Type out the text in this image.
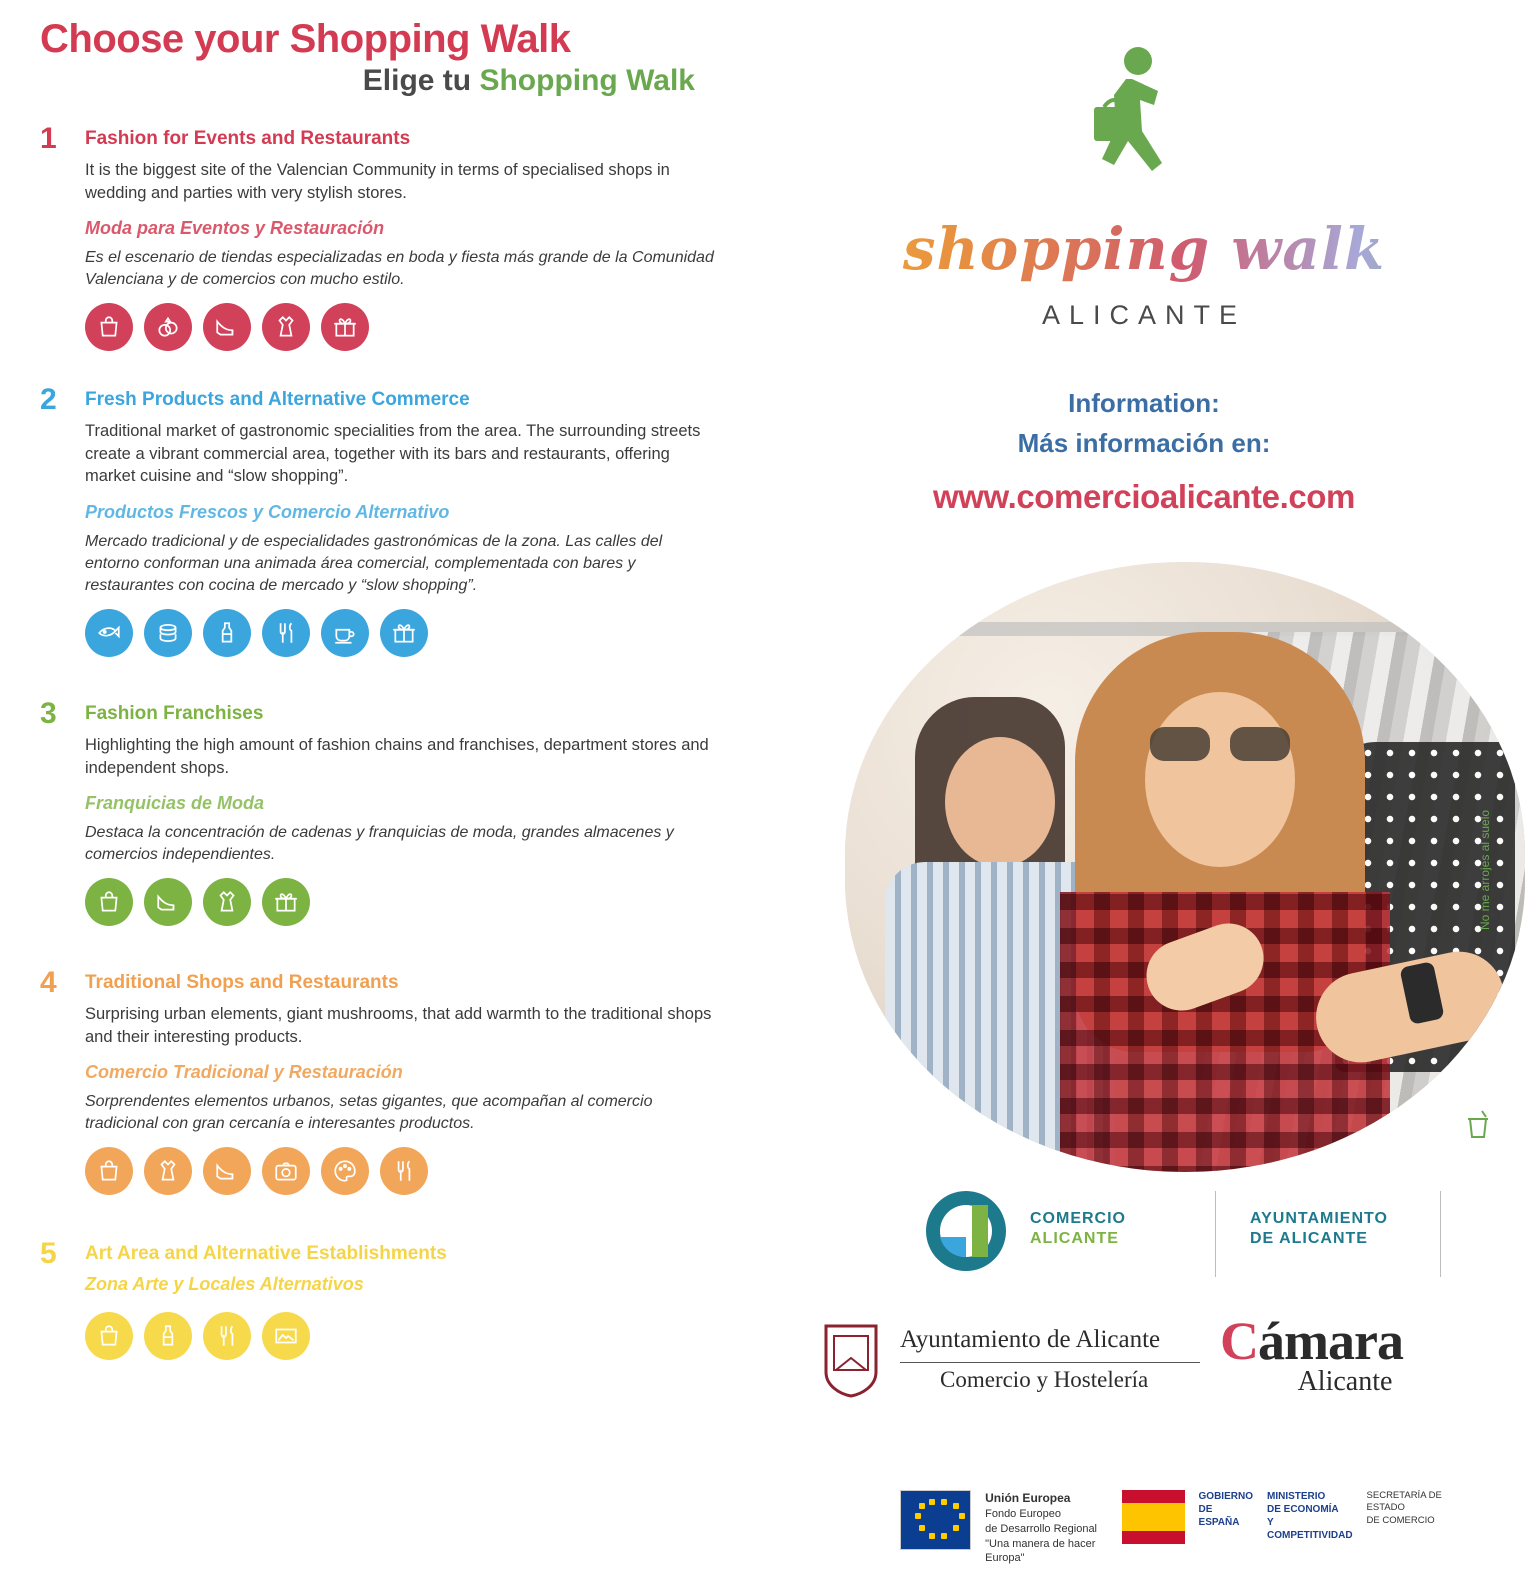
Choose your Shopping Walk
Elige tu Shopping Walk
1 Fashion for Events and Restaurants

It is the biggest site of the Valencian Community in terms of specialised shops in wedding and parties with very stylish stores.

Moda para Eventos y Restauración

Es el escenario de tiendas especializadas en boda y fiesta más grande de la Comunidad Valenciana y de comercios con mucho estilo.

2 Fresh Products and Alternative Commerce

Traditional market of gastronomic specialities from the area. The surrounding streets create a vibrant commercial area, together with its bars and restaurants, offering market cuisine and “slow shopping”.

Productos Frescos y Comercio Alternativo

Mercado tradicional y de especialidades gastronómicas de la zona. Las calles del entorno conforman una animada área comercial, complementada con bares y restaurantes con cocina de mercado y “slow shopping”.

3 Fashion Franchises

Highlighting the high amount of fashion chains and franchises, department stores and independent shops.

Franquicias de Moda

Destaca la concentración de cadenas y franquicias de moda, grandes almacenes y comercios independientes.

4 Traditional Shops and Restaurants

Surprising urban elements, giant mushrooms, that add warmth to the traditional shops and their interesting products.

Comercio Tradicional y Restauración

Sorprendentes elementos urbanos, setas gigantes, que acompañan al comercio tradicional con gran cercanía e interesantes productos.

5 Art Area and Alternative Establishments
Zona Arte y Locales Alternativos
shopping walk
ALICANTE
Information:
Más información en:
www.comercioalicante.com
No me arrojes al suelo
COMERCIO
ALICANTE
AYUNTAMIENTO
DE ALICANTE
Ayuntamiento de Alicante
Comercio y Hostelería
Cámara
Alicante
Unión Europea
Fondo Europeo
de Desarrollo Regional
"Una manera de hacer Europa"
GOBIERNO
DE ESPAÑA
MINISTERIO
DE ECONOMÍA
Y COMPETITIVIDAD
SECRETARÍA DE ESTADO
DE COMERCIO
